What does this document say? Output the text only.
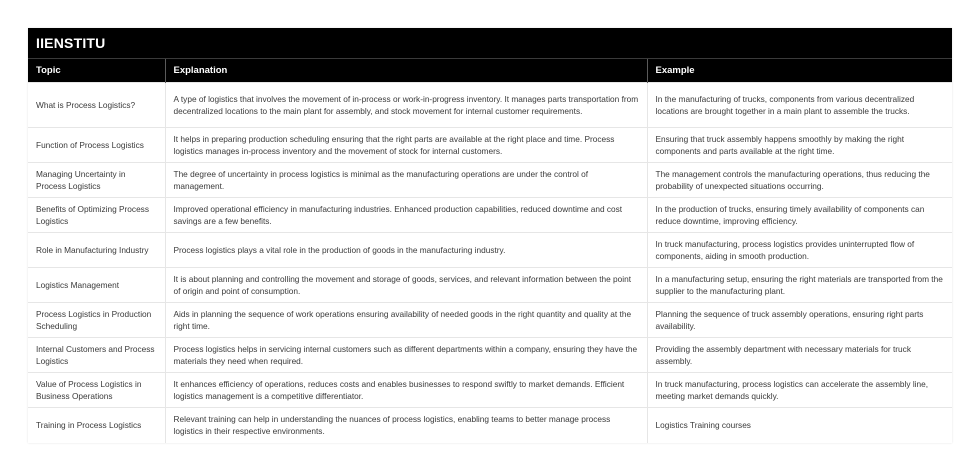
IIENSTITU
Topic	Explanation	Example
What is Process Logistics?	A type of logistics that involves the movement of in-process or work-in-progress inventory. It manages parts transportation from decentralized locations to the main plant for assembly, and stock movement for internal customer requirements.	In the manufacturing of trucks, components from various decentralized locations are brought together in a main plant to assemble the trucks.
Function of Process Logistics	It helps in preparing production scheduling ensuring that the right parts are available at the right place and time. Process logistics manages in-process inventory and the movement of stock for internal customers.	Ensuring that truck assembly happens smoothly by making the right components and parts available at the right time.
Managing Uncertainty in Process Logistics	The degree of uncertainty in process logistics is minimal as the manufacturing operations are under the control of management.	The management controls the manufacturing operations, thus reducing the probability of unexpected situations occurring.
Benefits of Optimizing Process Logistics	Improved operational efficiency in manufacturing industries. Enhanced production capabilities, reduced downtime and cost savings are a few benefits.	In the production of trucks, ensuring timely availability of components can reduce downtime, improving efficiency.
Role in Manufacturing Industry	Process logistics plays a vital role in the production of goods in the manufacturing industry.	In truck manufacturing, process logistics provides uninterrupted flow of components, aiding in smooth production.
Logistics Management	It is about planning and controlling the movement and storage of goods, services, and relevant information between the point of origin and point of consumption.	In a manufacturing setup, ensuring the right materials are transported from the supplier to the manufacturing plant.
Process Logistics in Production Scheduling	Aids in planning the sequence of work operations ensuring availability of needed goods in the right quantity and quality at the right time.	Planning the sequence of truck assembly operations, ensuring right parts availability.
Internal Customers and Process Logistics	Process logistics helps in servicing internal customers such as different departments within a company, ensuring they have the materials they need when required.	Providing the assembly department with necessary materials for truck assembly.
Value of Process Logistics in Business Operations	It enhances efficiency of operations, reduces costs and enables businesses to respond swiftly to market demands. Efficient logistics management is a competitive differentiator.	In truck manufacturing, process logistics can accelerate the assembly line, meeting market demands quickly.
Training in Process Logistics	Relevant training can help in understanding the nuances of process logistics, enabling teams to better manage process logistics in their respective environments.	Logistics Training courses
